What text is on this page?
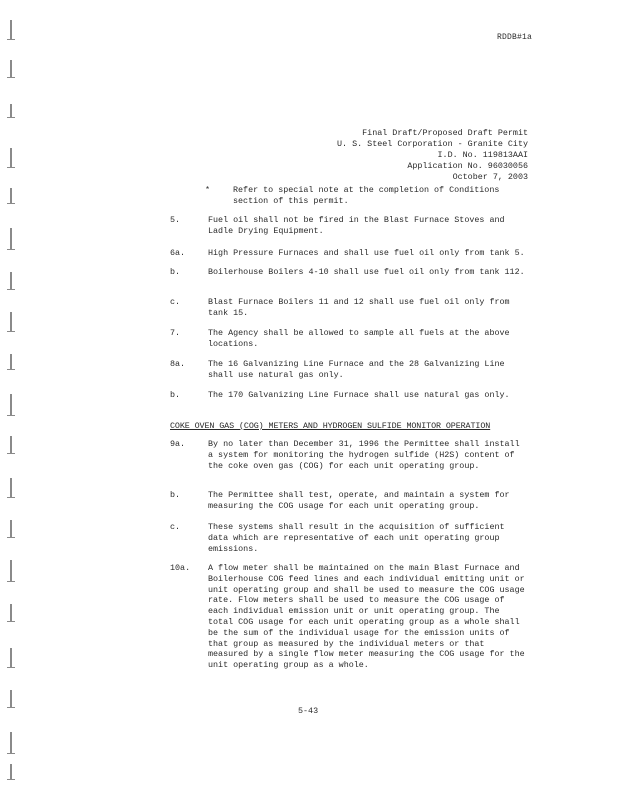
RDDB#1a
Final Draft/Proposed Draft Permit
U. S. Steel Corporation - Granite City
I.D. No. 119813AAI
Application No. 96030056
October 7, 2003
*	Refer to special note at the completion of Conditions section of this permit.
5.	Fuel oil shall not be fired in the Blast Furnace Stoves and Ladle Drying Equipment.
6a.	High Pressure Furnaces and shall use fuel oil only from tank 5.
b.	Boilerhouse Boilers 4-10 shall use fuel oil only from tank 112.
c.	Blast Furnace Boilers 11 and 12 shall use fuel oil only from tank 15.
7.	The Agency shall be allowed to sample all fuels at the above locations.
8a.	The 16 Galvanizing Line Furnace and the 28 Galvanizing Line shall use natural gas only.
b.	The 170 Galvanizing Line Furnace shall use natural gas only.
COKE OVEN GAS (COG) METERS AND HYDROGEN SULFIDE MONITOR OPERATION
9a.	By no later than December 31, 1996 the Permittee shall install a system for monitoring the hydrogen sulfide (H2S) content of the coke oven gas (COG) for each unit operating group.
b.	The Permittee shall test, operate, and maintain a system for measuring the COG usage for each unit operating group.
c.	These systems shall result in the acquisition of sufficient data which are representative of each unit operating group emissions.
10a.	A flow meter shall be maintained on the main Blast Furnace and Boilerhouse COG feed lines and each individual emitting unit or unit operating group and shall be used to measure the COG usage rate. Flow meters shall be used to measure the COG usage of each individual emission unit or unit operating group. The total COG usage for each unit operating group as a whole shall be the sum of the individual usage for the emission units of that group as measured by the individual meters or that measured by a single flow meter measuring the COG usage for the unit operating group as a whole.
5-43
